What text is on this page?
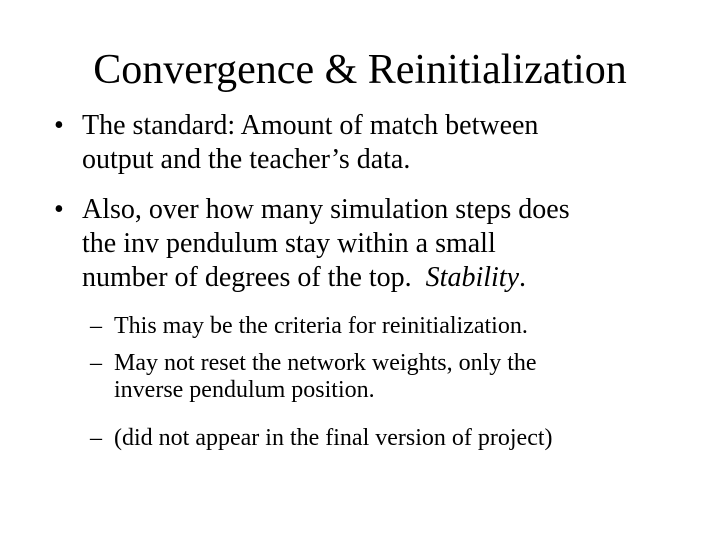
Convergence & Reinitialization
• The standard: Amount of match between
output and the teacher’s data.
• Also, over how many simulation steps does
the inv pendulum stay within a small
number of degrees of the top.  Stability.
– This may be the criteria for reinitialization.
– May not reset the network weights, only the
inverse pendulum position.
– (did not appear in the final version of project)
